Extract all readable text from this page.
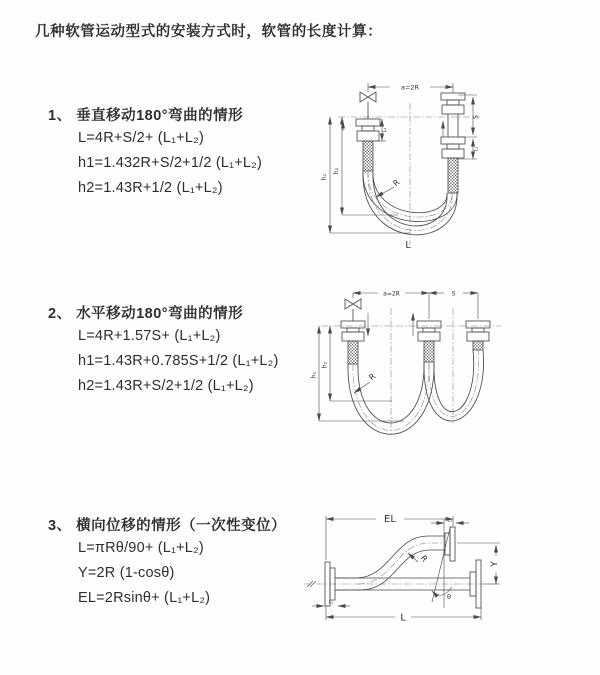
几种软管运动型式的安装方式时，软管的长度计算：
1、 垂直移动180°弯曲的情形
L=4R+S/2+ (L₁+L₂)
h1=1.432R+S/2+1/2 (L₁+L₂)
h2=1.43R+1/2 (L₁+L₂)
2、 水平移动180°弯曲的情形
L=4R+1.57S+ (L₁+L₂)
h1=1.43R+0.785S+1/2 (L₁+L₂)
h2=1.43R+S/2+1/2 (L₁+L₂)
3、 横向位移的情形（一次性变位）
L=πRθ/90+ (L₁+L₂)
Y=2R (1-cosθ)
EL=2Rsinθ+ (L₁+L₂)
a=2R
h₁
h₂
S
L₂
L₁
R
L
a=2R	S
h₁
h₂
R
EL	L₂
Y
L
L₁
R
θ
